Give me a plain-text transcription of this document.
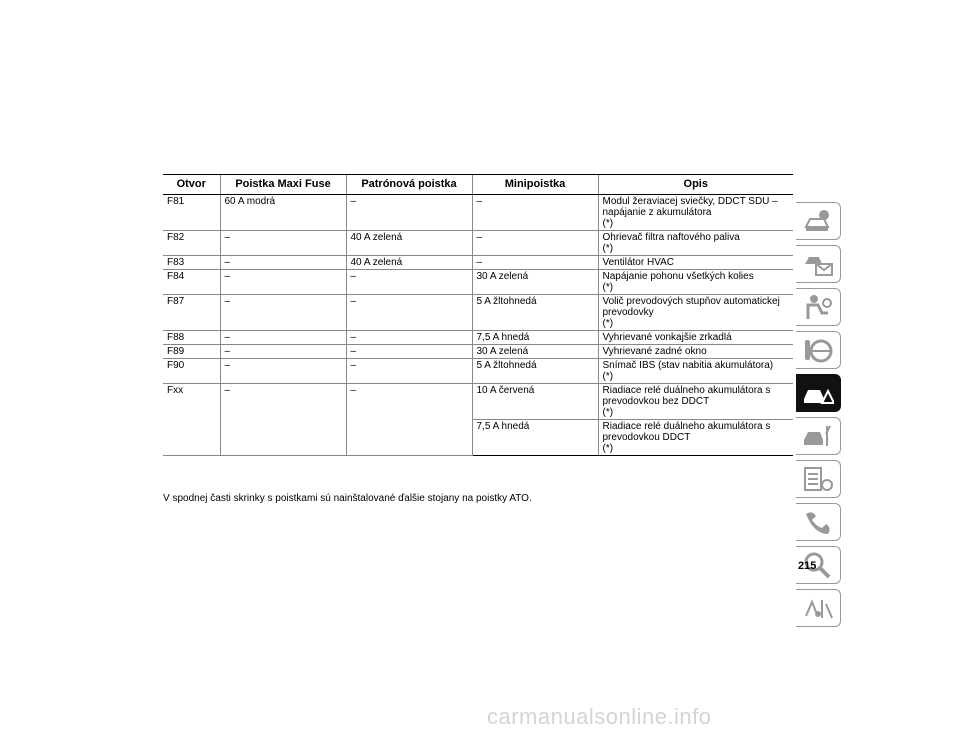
Otvor	Poistka Maxi Fuse	Patrónová poistka	Minipoistka	Opis
F81	60 A modrá	–	–	Modul žeraviacej sviečky, DDCT SDU –
napájanie z akumulátora
(*)

F82	–	40 A zelená	–	Ohrievač filtra naftového paliva
(*)

F83	–	40 A zelená	–	Ventilátor HVAC

F84	–	–	30 A zelená	Napájanie pohonu všetkých kolies
(*)

F87	–	–	5 A žltohnedá	Volič prevodových stupňov automatickej
prevodovky
(*)

F88	–	–	7,5 A hnedá	Vyhrievané vonkajšie zrkadlá

F89	–	–	30 A zelená	Vyhrievané zadné okno

F90	–	–	5 A žltohnedá	Snímač IBS (stav nabitia akumulátora)
(*)

Fxx	–	–	10 A červená	Riadiace relé duálneho akumulátora s
prevodovkou bez DDCT
(*)

			7,5 A hnedá	Riadiace relé duálneho akumulátora s
prevodovkou DDCT
(*)
V spodnej časti skrinky s poistkami sú nainštalované ďalšie stojany na poistky ATO.
215
carmanualsonline.info
